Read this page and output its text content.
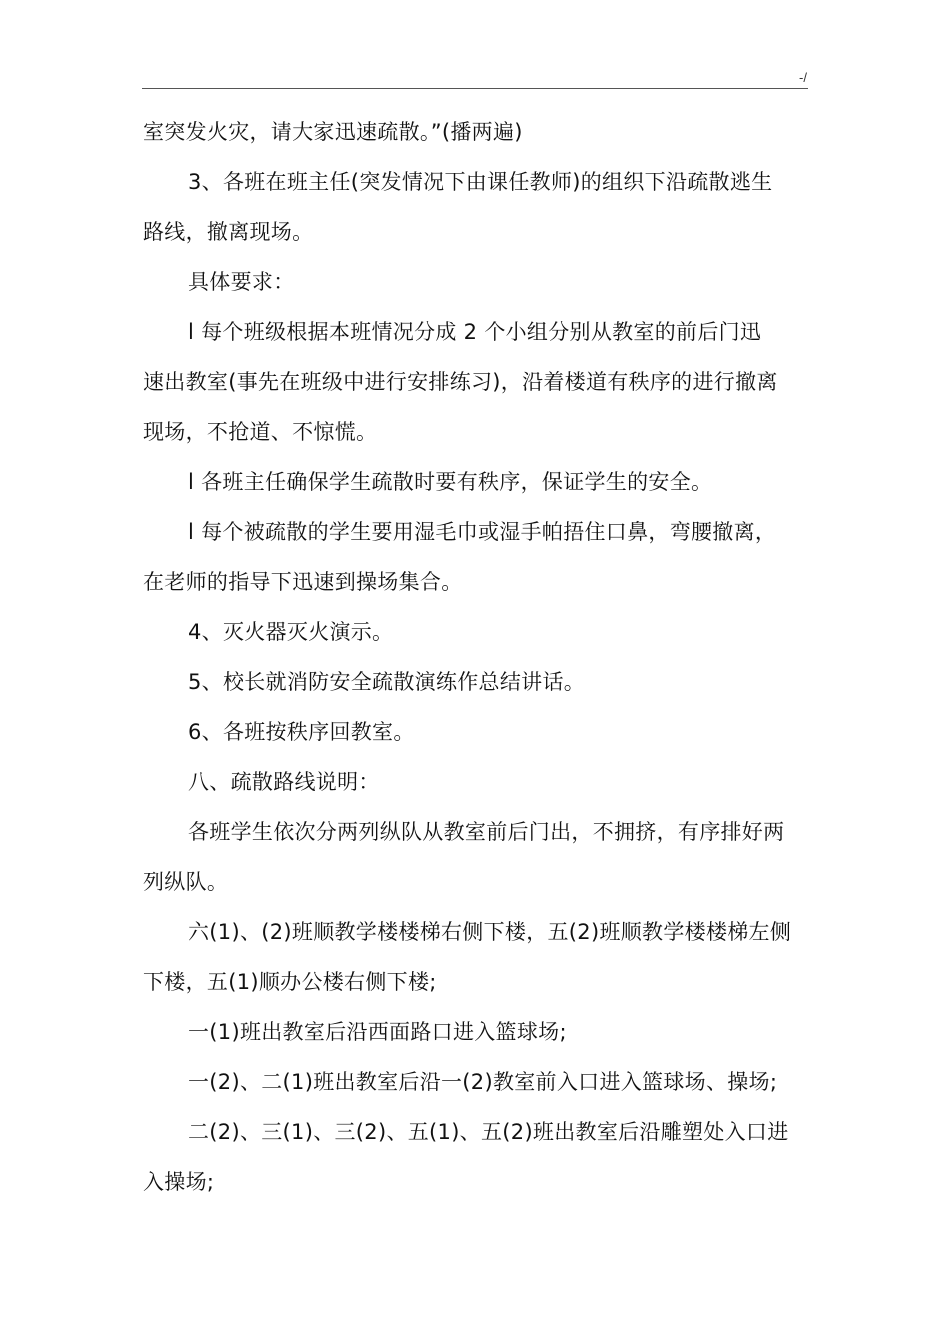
-/

室突发火灾，请大家迅速疏散。”(播两遍)

3、各班在班主任(突发情况下由课任教师)的组织下沿疏散逃生
路线，撤离现场。

具体要求：

l 每个班级根据本班情况分成 2 个小组分别从教室的前后门迅
速出教室(事先在班级中进行安排练习)，沿着楼道有秩序的进行撤离
现场，不抢道、不惊慌。

l 各班主任确保学生疏散时要有秩序，保证学生的安全。

l 每个被疏散的学生要用湿毛巾或湿手帕捂住口鼻，弯腰撤离，
在老师的指导下迅速到操场集合。

4、灭火器灭火演示。

5、校长就消防安全疏散演练作总结讲话。

6、各班按秩序回教室。

八、疏散路线说明：

各班学生依次分两列纵队从教室前后门出，不拥挤，有序排好两
列纵队。

六(1)、(2)班顺教学楼楼梯右侧下楼，五(2)班顺教学楼楼梯左侧
下楼，五(1)顺办公楼右侧下楼;

一(1)班出教室后沿西面路口进入篮球场;

一(2)、二(1)班出教室后沿一(2)教室前入口进入篮球场、操场;

二(2)、三(1)、三(2)、五(1)、五(2)班出教室后沿雕塑处入口进
入操场;
